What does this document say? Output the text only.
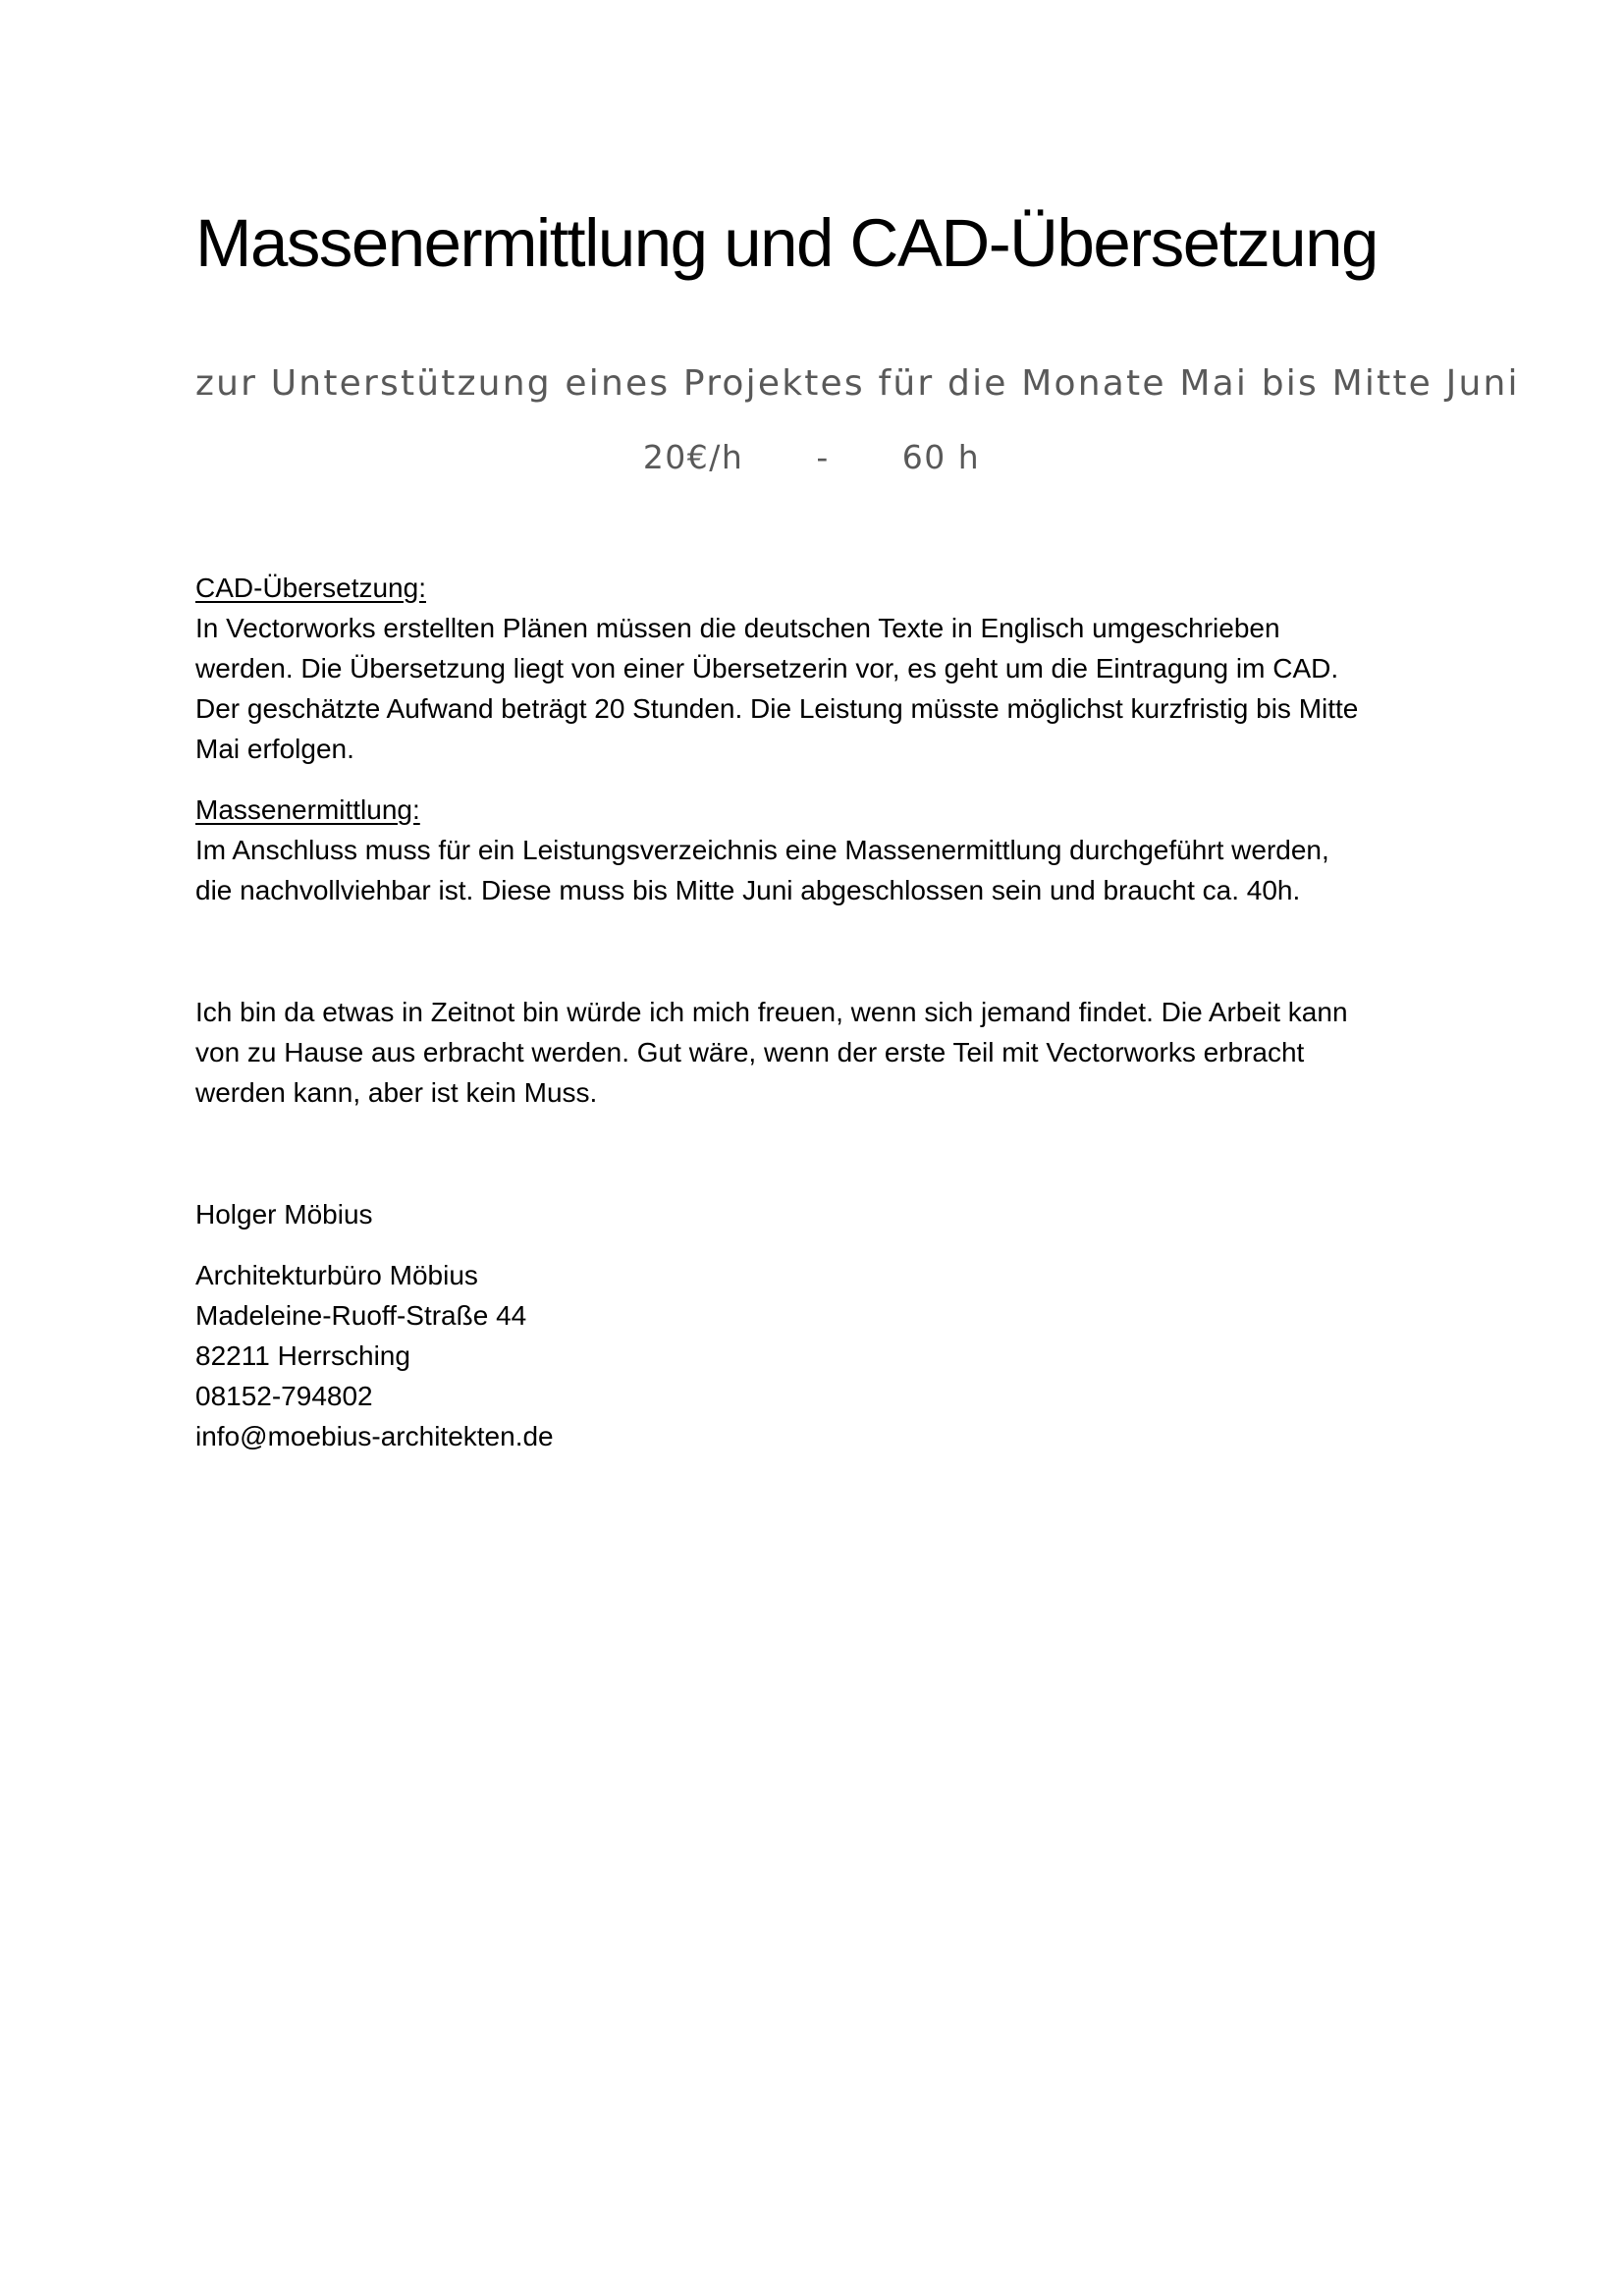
Massenermittlung und CAD-Übersetzung
zur Unterstützung eines Projektes für die Monate Mai bis Mitte Juni
20€/h - 60 h

CAD-Übersetzung:

In Vectorworks erstellten Plänen müssen die deutschen Texte in Englisch umgeschrieben

werden. Die Übersetzung liegt von einer Übersetzerin vor, es geht um die Eintragung im CAD.

Der geschätzte Aufwand beträgt 20 Stunden. Die Leistung müsste möglichst kurzfristig bis Mitte

Mai erfolgen.

Massenermittlung:

Im Anschluss muss für ein Leistungsverzeichnis eine Massenermittlung durchgeführt werden,

die nachvollviehbar ist. Diese muss bis Mitte Juni abgeschlossen sein und braucht ca. 40h.

Ich bin da etwas in Zeitnot bin würde ich mich freuen, wenn sich jemand findet. Die Arbeit kann

von zu Hause aus erbracht werden. Gut wäre, wenn der erste Teil mit Vectorworks erbracht

werden kann, aber ist kein Muss.

Holger Möbius

Architekturbüro Möbius

Madeleine-Ruoff-Straße 44

82211 Herrsching

08152-794802

info@moebius-architekten.de
